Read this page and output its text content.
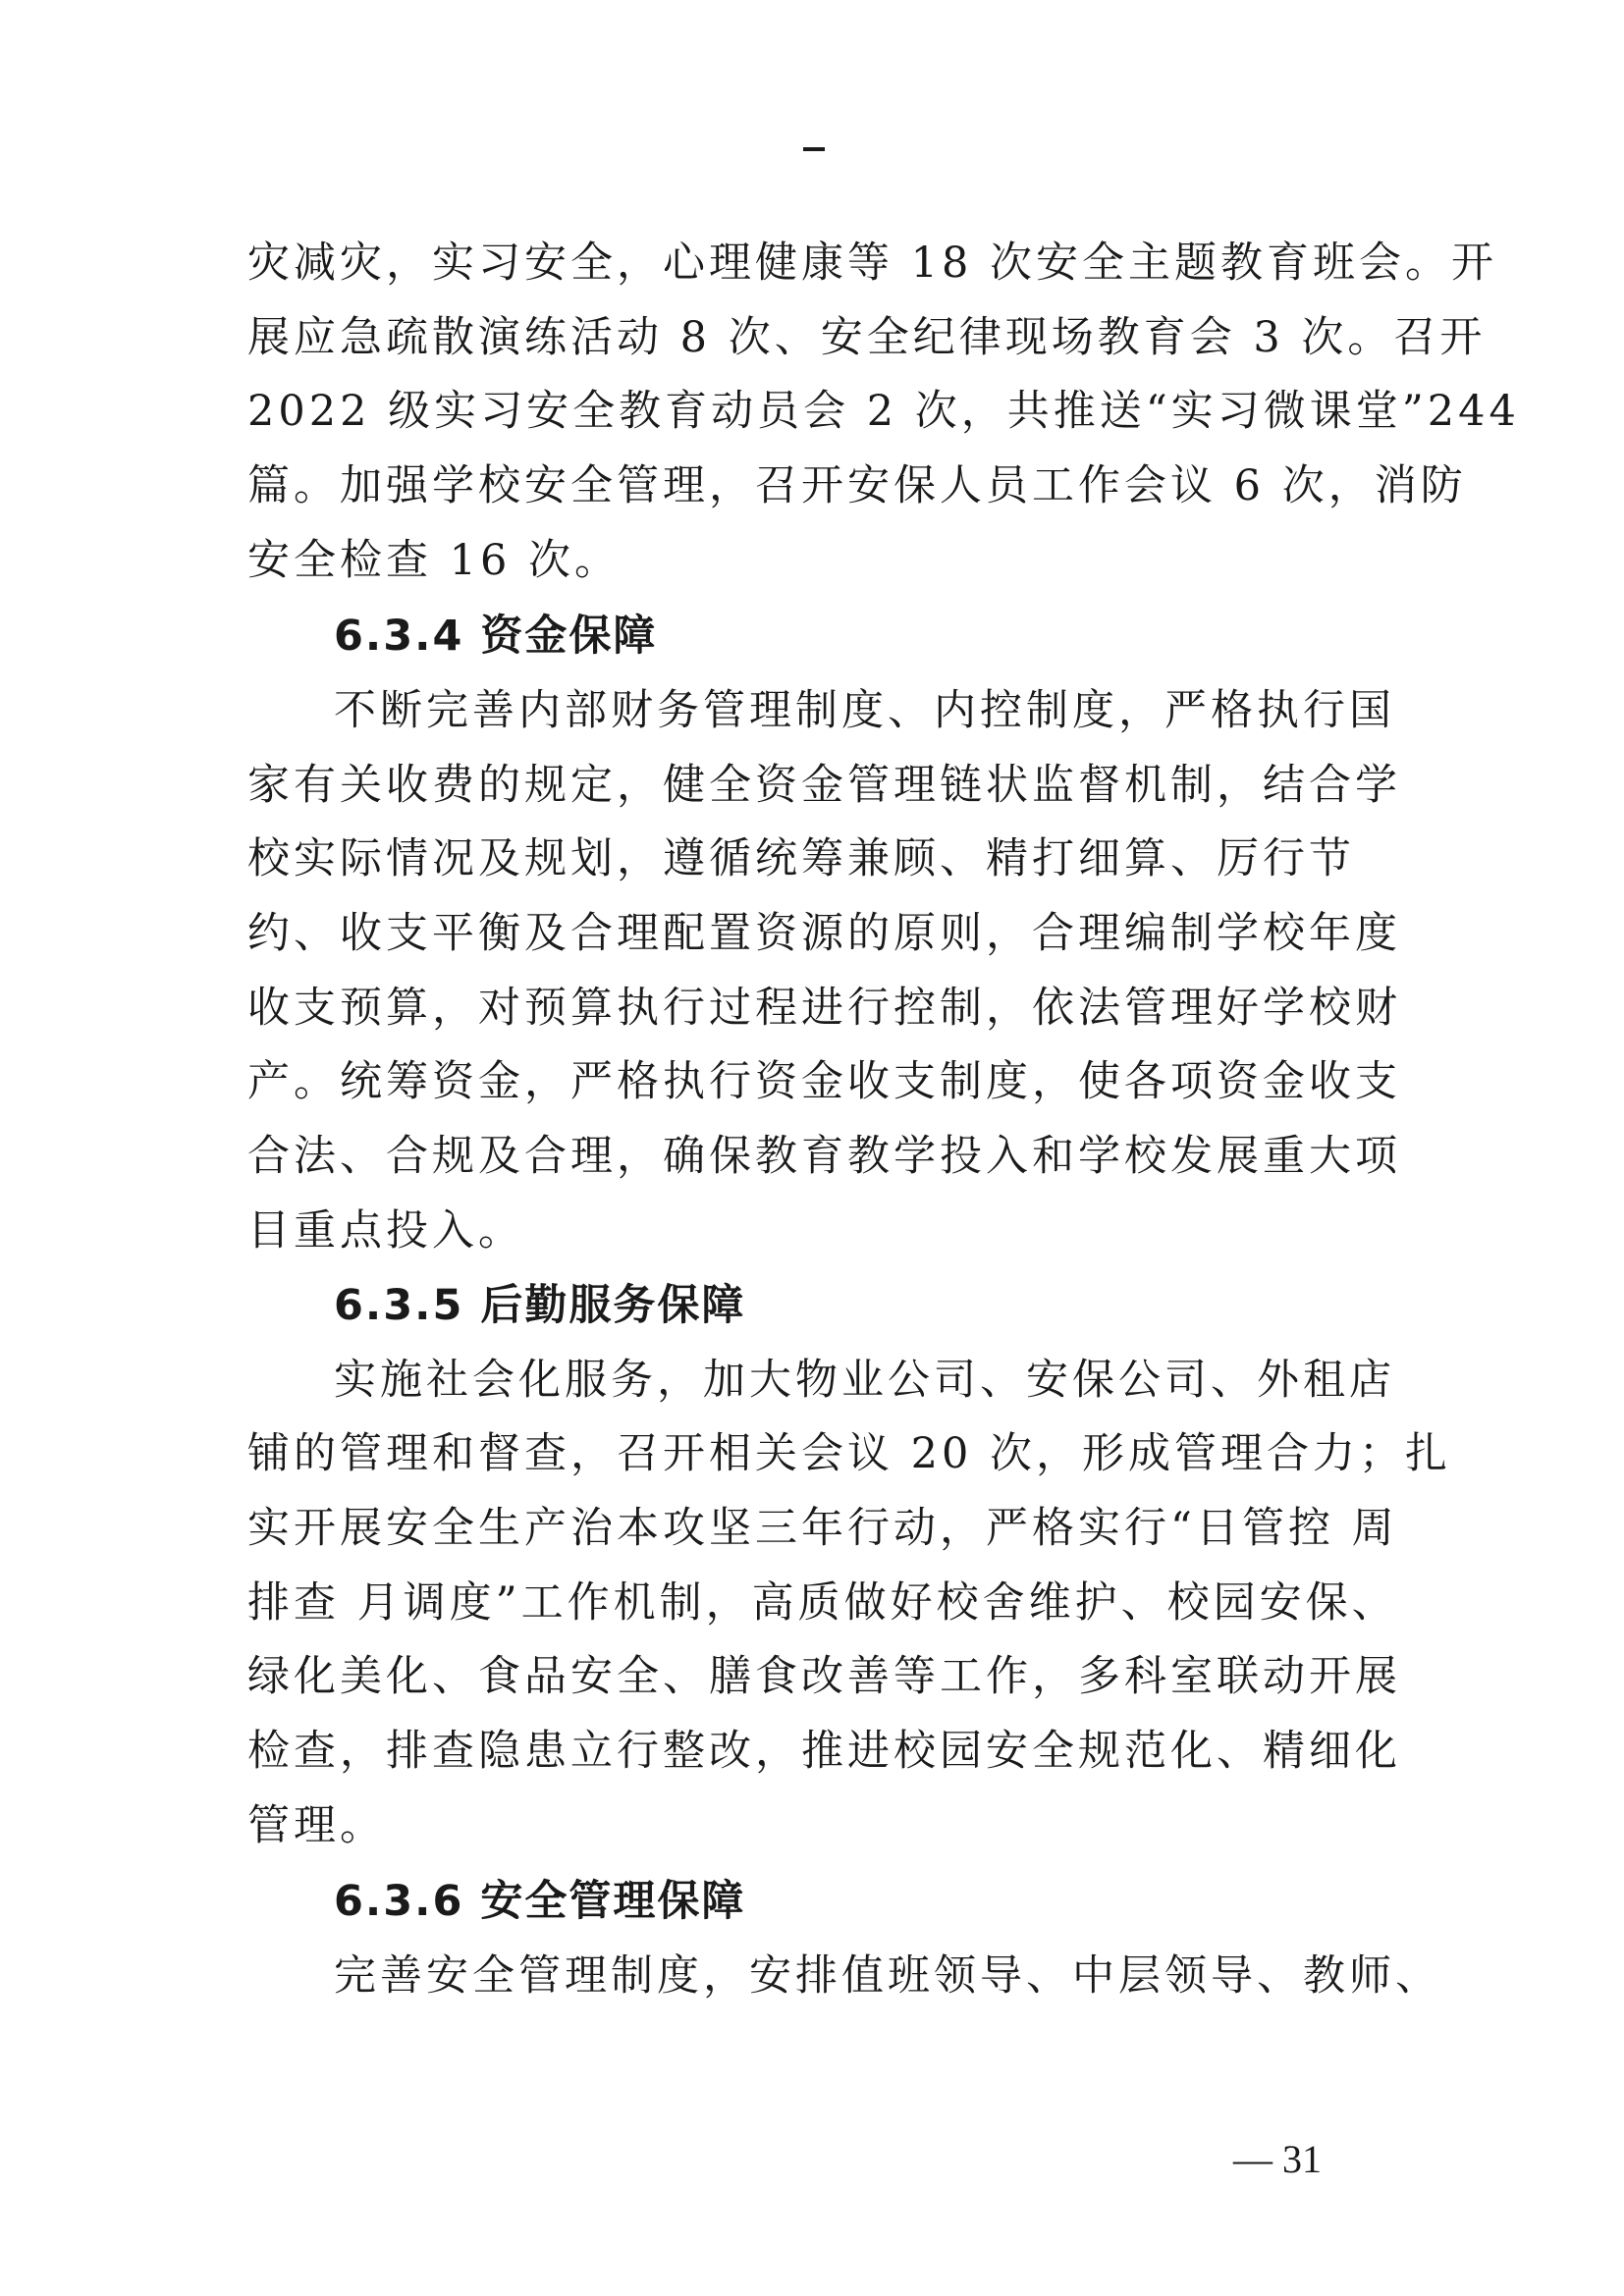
灾减灾，实习安全，心理健康等 18 次安全主题教育班会。开

展应急疏散演练活动 8 次、安全纪律现场教育会 3 次。召开

2022 级实习安全教育动员会 2 次，共推送“实习微课堂”244

篇。加强学校安全管理，召开安保人员工作会议 6 次，消防

安全检查 16 次。

6.3.4 资金保障

不断完善内部财务管理制度、内控制度，严格执行国

家有关收费的规定，健全资金管理链状监督机制，结合学

校实际情况及规划，遵循统筹兼顾、精打细算、厉行节

约、收支平衡及合理配置资源的原则，合理编制学校年度

收支预算，对预算执行过程进行控制，依法管理好学校财

产。统筹资金，严格执行资金收支制度，使各项资金收支

合法、合规及合理，确保教育教学投入和学校发展重大项

目重点投入。

6.3.5 后勤服务保障

实施社会化服务，加大物业公司、安保公司、外租店

铺的管理和督查，召开相关会议 20 次，形成管理合力；扎

实开展安全生产治本攻坚三年行动，严格实行“日管控 周

排查 月调度”工作机制，高质做好校舍维护、校园安保、

绿化美化、食品安全、膳食改善等工作，多科室联动开展

检查，排查隐患立行整改，推进校园安全规范化、精细化

管理。

6.3.6 安全管理保障

完善安全管理制度，安排值班领导、中层领导、教师、

— 31
